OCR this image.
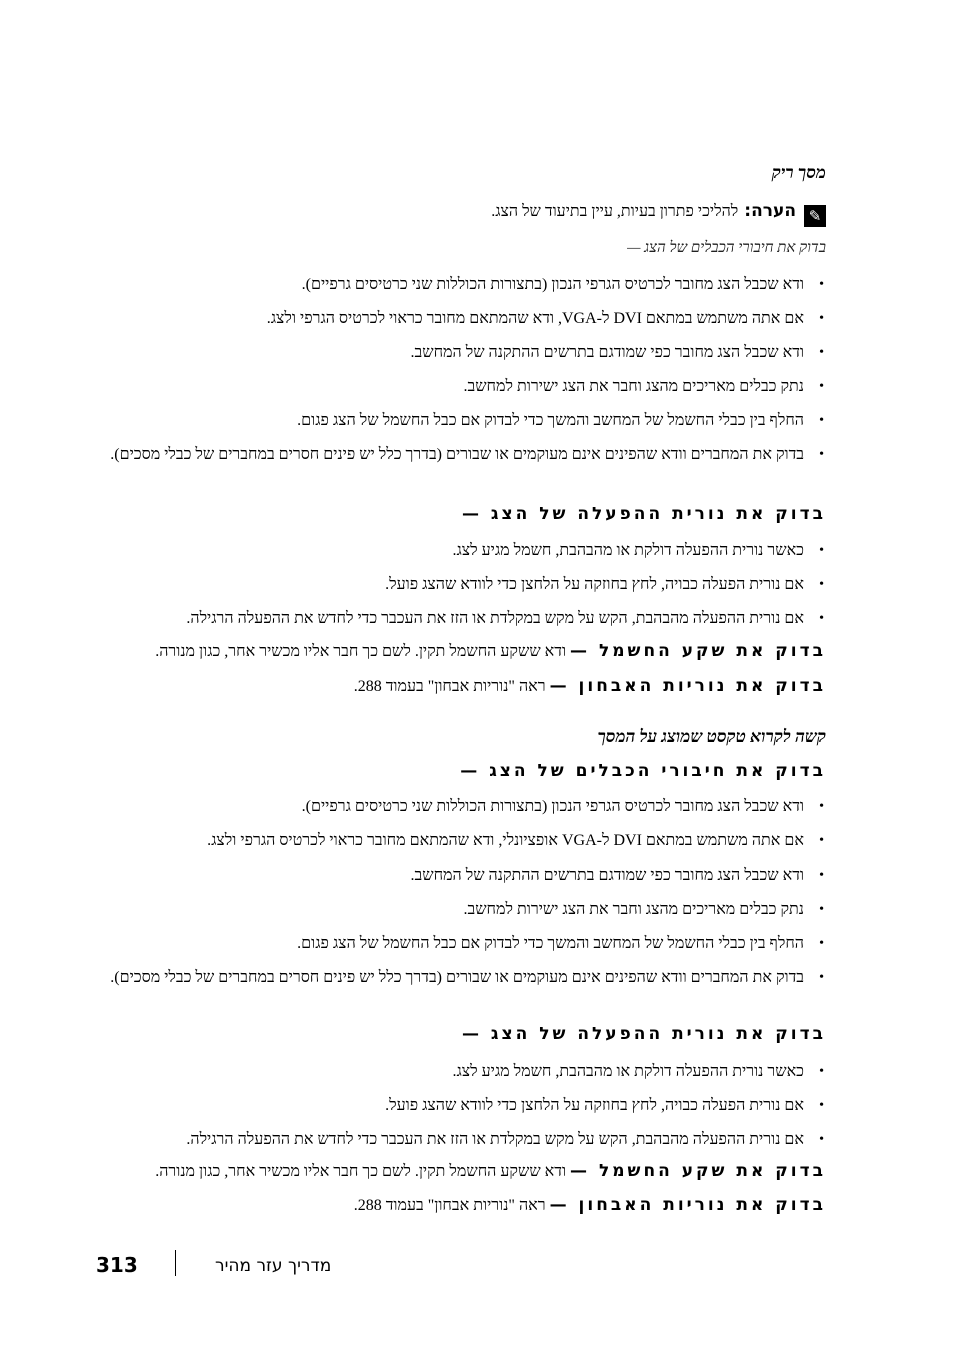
מסך ריק
✎הערה:להליכי פתרון בעיות, עיין בתיעוד של הצג.
בדוק את חיבורי הכבלים של הצג —
• ודא שכבל הצג מחובר לכרטיס הגרפי הנכון (בתצורות הכוללות שני כרטיסים גרפיים).
• אם אתה משתמש במתאם DVI ל-VGA, ודא שהמתאם מחובר כראוי לכרטיס הגרפי ולצג.
• ודא שכבל הצג מחובר כפי שמודגם בתרשים ההתקנה של המחשב.
• נתק כבלים מאריכים מהצג וחבר את הצג ישירות למחשב.
• החלף בין כבלי החשמל של המחשב והמשך כדי לבדוק אם כבל החשמל של הצג פגום.
• בדוק את המחברים וודא שהפינים אינם מעוקמים או שבורים (בדרך כלל יש פינים חסרים במחברים של כבלי מסכים).
בדוק את נורית ההפעלה של הצג —
• כאשר נורית ההפעלה דולקת או מהבהבת, חשמל מגיע לצג.
• אם נורית הפעלה כבויה, לחץ בחוזקה על הלחצן כדי לוודא שהצג פועל.
• אם נורית ההפעלה מהבהבת, הקש על מקש במקלדת או הזז את העכבר כדי לחדש את ההפעלה הרגילה.
בדוק את שקע החשמל — ודא ששקע החשמל תקין. לשם כך חבר אליו מכשיר אחר, כגון מנורה.
בדוק את נוריות האבחון — ראה "נוריות אבחון" בעמוד 288.
קשה לקרוא טקסט שמוצג על המסך
בדוק את חיבורי הכבלים של הצג —
• ודא שכבל הצג מחובר לכרטיס הגרפי הנכון (בתצורות הכוללות שני כרטיסים גרפיים).
• אם אתה משתמש במתאם DVI ל-VGA אופציונלי, ודא שהמתאם מחובר כראוי לכרטיס הגרפי ולצג.
• ודא שכבל הצג מחובר כפי שמודגם בתרשים ההתקנה של המחשב.
• נתק כבלים מאריכים מהצג וחבר את הצג ישירות למחשב.
• החלף בין כבלי החשמל של המחשב והמשך כדי לבדוק אם כבל החשמל של הצג פגום.
• בדוק את המחברים וודא שהפינים אינם מעוקמים או שבורים (בדרך כלל יש פינים חסרים במחברים של כבלי מסכים).
בדוק את נורית ההפעלה של הצג —
• כאשר נורית ההפעלה דולקת או מהבהבת, חשמל מגיע לצג.
• אם נורית הפעלה כבויה, לחץ בחוזקה על הלחצן כדי לוודא שהצג פועל.
• אם נורית ההפעלה מהבהבת, הקש על מקש במקלדת או הזז את העכבר כדי לחדש את ההפעלה הרגילה.
בדוק את שקע החשמל — ודא ששקע החשמל תקין. לשם כך חבר אליו מכשיר אחר, כגון מנורה.
בדוק את נוריות האבחון — ראה "נוריות אבחון" בעמוד 288.
313	מדריך עזר מהיר
